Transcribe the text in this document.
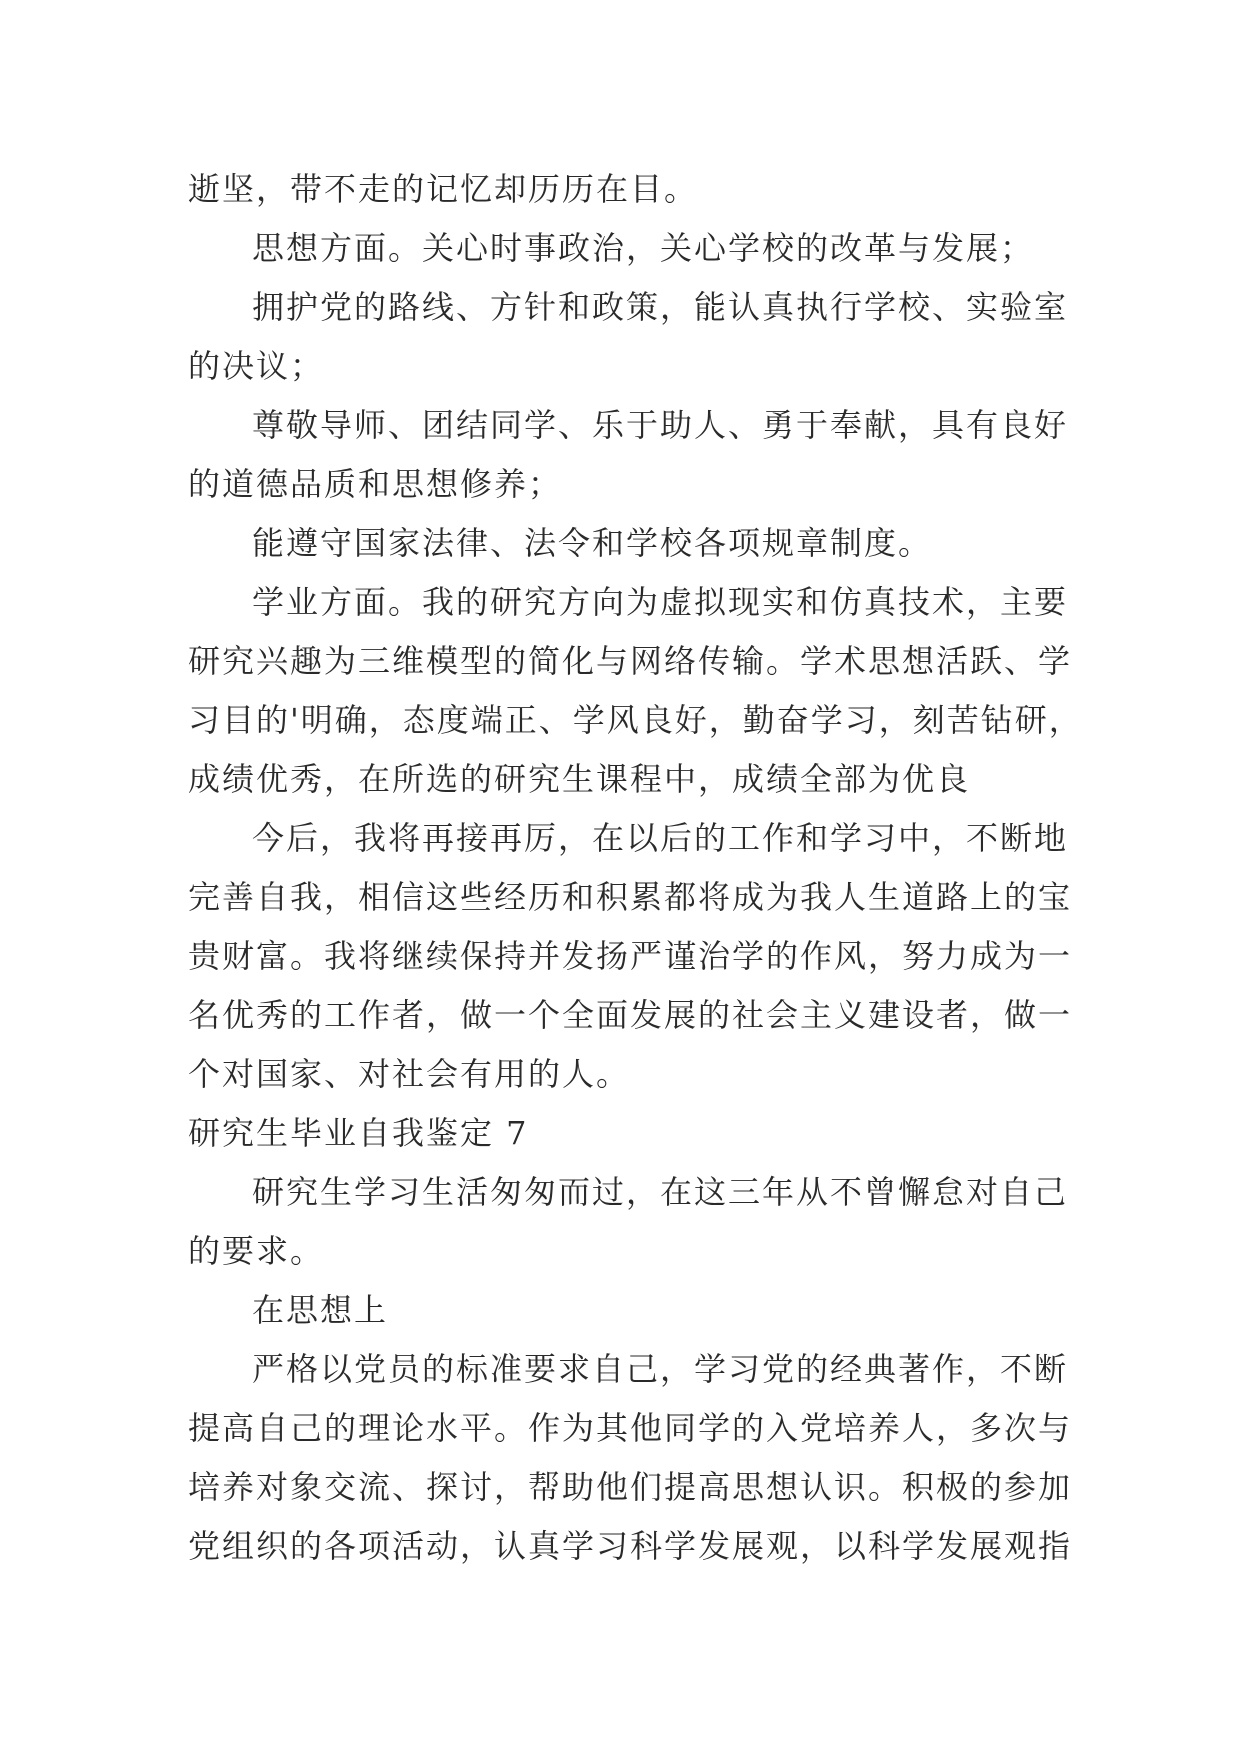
逝坚，带不走的记忆却历历在目。

思想方面。关心时事政治，关心学校的改革与发展；

拥护党的路线、方针和政策，能认真执行学校、实验室

的决议；

尊敬导师、团结同学、乐于助人、勇于奉献，具有良好

的道德品质和思想修养；

能遵守国家法律、法令和学校各项规章制度。

学业方面。我的研究方向为虚拟现实和仿真技术，主要

研究兴趣为三维模型的简化与网络传输。学术思想活跃、学

习目的'明确，态度端正、学风良好，勤奋学习，刻苦钻研，

成绩优秀，在所选的研究生课程中，成绩全部为优良

今后，我将再接再厉，在以后的工作和学习中，不断地

完善自我，相信这些经历和积累都将成为我人生道路上的宝

贵财富。我将继续保持并发扬严谨治学的作风，努力成为一

名优秀的工作者，做一个全面发展的社会主义建设者，做一

个对国家、对社会有用的人。

研究生毕业自我鉴定 7

研究生学习生活匆匆而过，在这三年从不曾懈怠对自己

的要求。

在思想上

严格以党员的标准要求自己，学习党的经典著作，不断

提高自己的理论水平。作为其他同学的入党培养人，多次与

培养对象交流、探讨，帮助他们提高思想认识。积极的参加

党组织的各项活动，认真学习科学发展观，以科学发展观指
